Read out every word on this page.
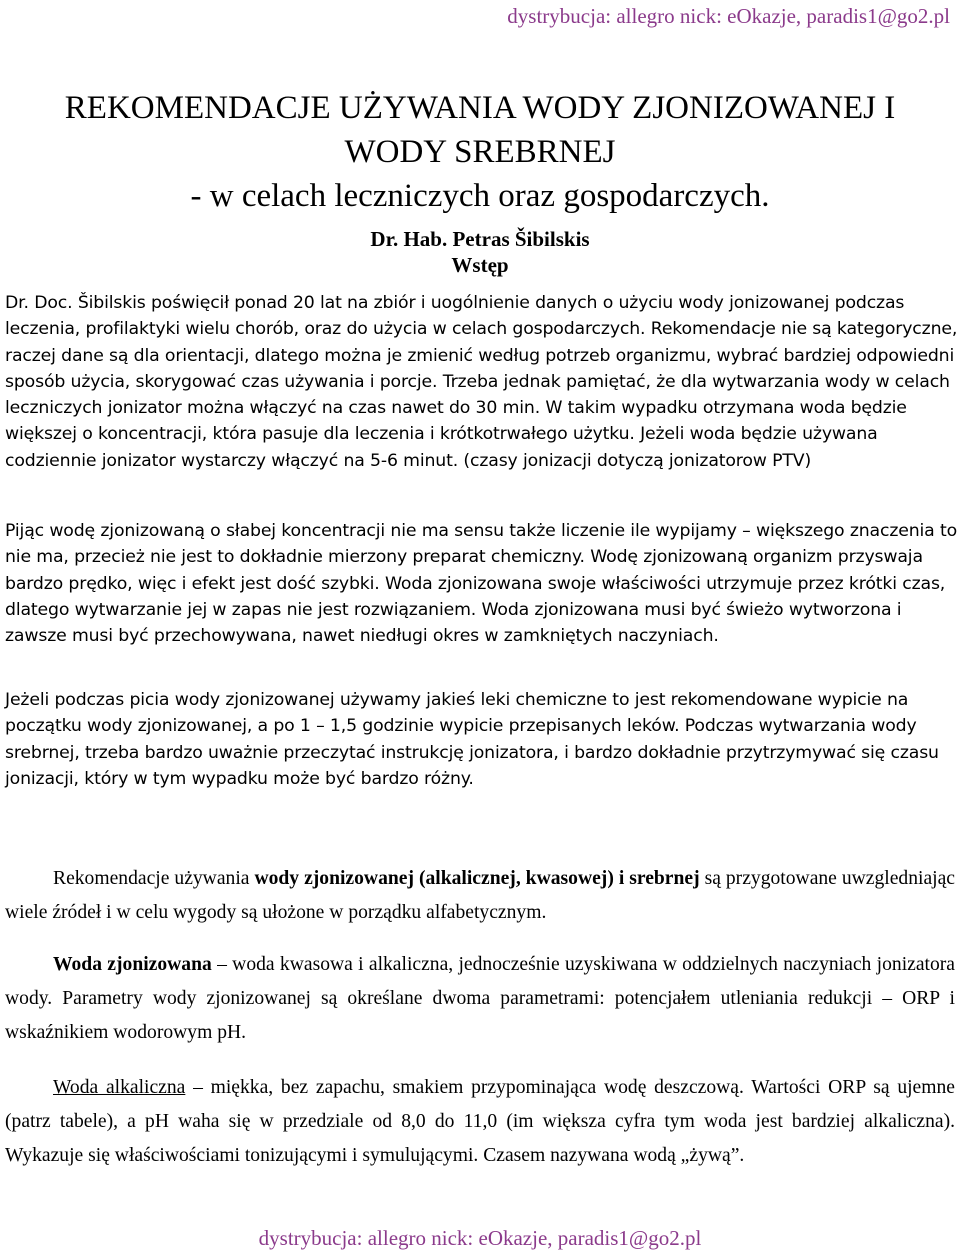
dystrybucja: allegro nick: eOkazje, paradis1@go2.pl
REKOMENDACJE UŻYWANIA WODY ZJONIZOWANEJ I
WODY SREBRNEJ
- w celach leczniczych oraz gospodarczych.
Dr. Hab. Petras Šibilskis
Wstęp

Dr. Doc. Šibilskis poświęcił ponad 20 lat na zbiór i uogólnienie danych o użyciu wody jonizowanej podczas leczenia, profilaktyki wielu chorób, oraz do użycia w celach gospodarczych. Rekomendacje nie są kategoryczne, raczej dane są dla orientacji, dlatego można je zmienić według potrzeb organizmu, wybrać bardziej odpowiedni sposób użycia, skorygować czas używania i porcje. Trzeba jednak pamiętać, że dla wytwarzania wody w celach leczniczych jonizator można włączyć na czas nawet do 30 min. W takim wypadku otrzymana woda będzie większej o koncentracji, która pasuje dla leczenia i krótkotrwałego użytku. Jeżeli woda będzie używana codziennie jonizator wystarczy włączyć na 5-6 minut. (czasy jonizacji dotyczą jonizatorow PTV)

Pijąc wodę zjonizowaną o słabej koncentracji nie ma sensu także liczenie ile wypijamy – większego znaczenia to nie ma, przecież nie jest to dokładnie mierzony preparat chemiczny. Wodę zjonizowaną organizm przyswaja bardzo prędko, więc i efekt jest dość szybki. Woda zjonizowana swoje właściwości utrzymuje przez krótki czas, dlatego wytwarzanie jej w zapas nie jest rozwiązaniem. Woda zjonizowana musi być świeżo wytworzona i zawsze musi być przechowywana, nawet niedługi okres w zamkniętych naczyniach.

Jeżeli podczas picia wody zjonizowanej używamy jakieś leki chemiczne to jest rekomendowane wypicie na początku wody zjonizowanej, a po 1 – 1,5 godzinie wypicie przepisanych leków. Podczas wytwarzania wody srebrnej, trzeba bardzo uważnie przeczytać instrukcję jonizatora, i bardzo dokładnie przytrzymywać się czasu jonizacji, który w tym wypadku może być bardzo różny.

Rekomendacje używania wody zjonizowanej (alkalicznej, kwasowej) i srebrnej są przygotowane uwzgledniając wiele źródeł i w celu wygody są ułożone w porządku alfabetycznym.

Woda zjonizowana – woda kwasowa i alkaliczna, jednocześnie uzyskiwana w oddzielnych naczyniach jonizatora wody. Parametry wody zjonizowanej są określane dwoma parametrami: potencjałem utleniania redukcji – ORP i wskaźnikiem wodorowym pH.

Woda alkaliczna – miękka, bez zapachu, smakiem przypominająca wodę deszczową. Wartości ORP są ujemne (patrz tabele), a pH waha się w przedziale od 8,0 do 11,0 (im większa cyfra tym woda jest bardziej alkaliczna). Wykazuje się właściwościami tonizującymi i symulującymi. Czasem nazywana wodą „żywą”.

dystrybucja: allegro nick: eOkazje, paradis1@go2.pl
